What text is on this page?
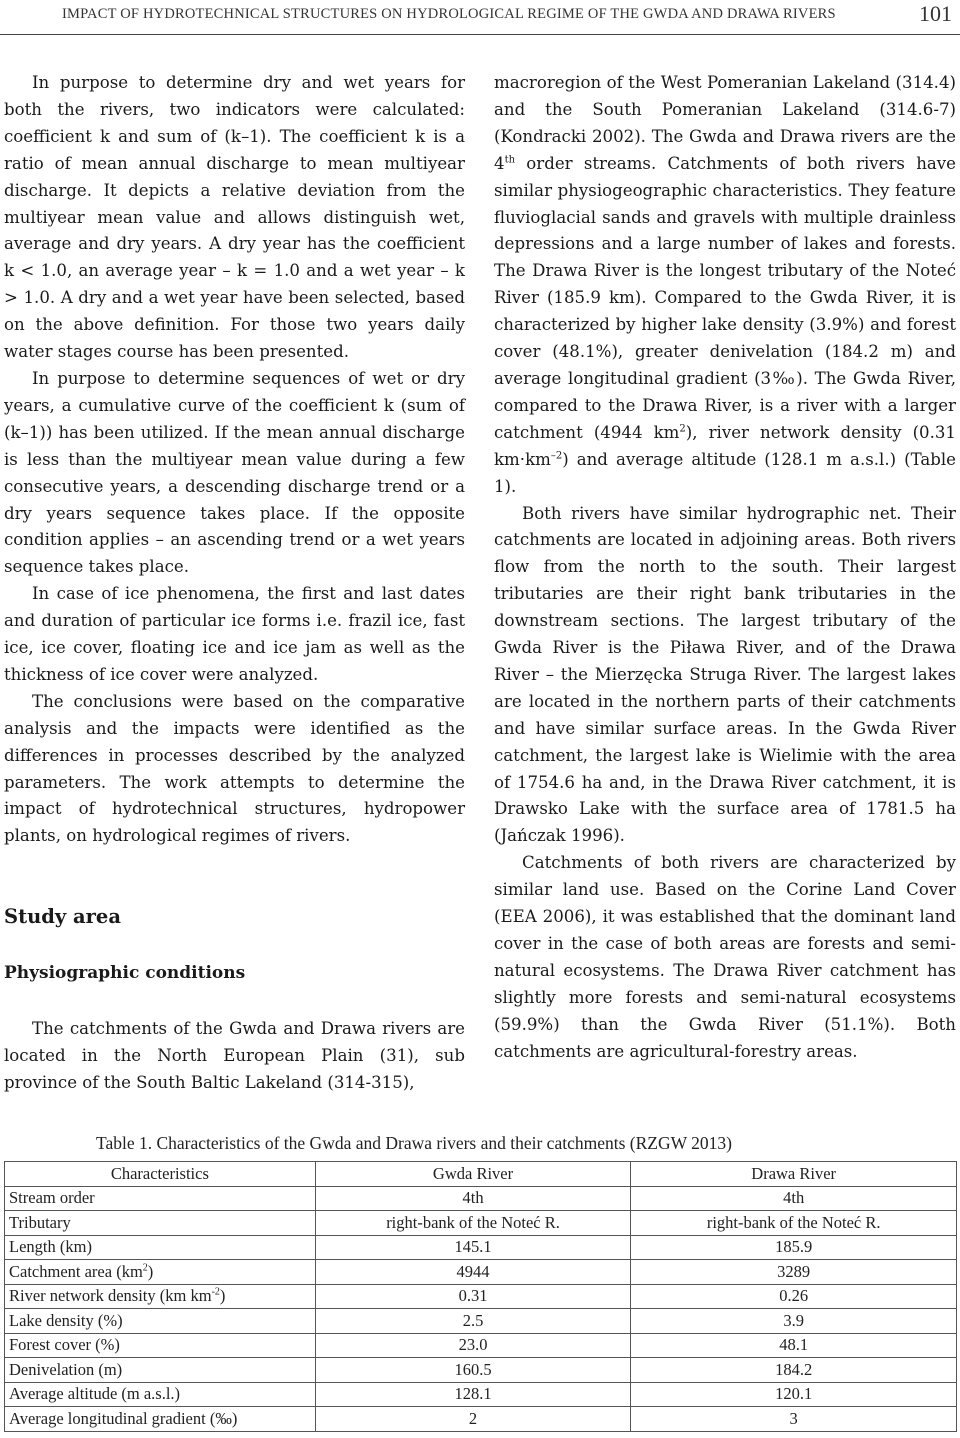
IMPACT OF HYDROTECHNICAL STRUCTURES ON HYDROLOGICAL REGIME OF THE GWDA AND DRAWA RIVERS	101

In purpose to determine dry and wet years for both the rivers, two indicators were calculated: coefficient k and sum of (k–1). The coefficient k is a ratio of mean annual discharge to mean multiyear discharge. It depicts a relative deviation from the multiyear mean value and allows distinguish wet, average and dry years. A dry year has the coefficient k < 1.0, an average year – k = 1.0 and a wet year – k > 1.0. A dry and a wet year have been selected, based on the above definition. For those two years daily water stages course has been presented.

In purpose to determine sequences of wet or dry years, a cumulative curve of the coefficient k (sum of (k–1)) has been utilized. If the mean annual discharge is less than the multiyear mean value during a few consecutive years, a descending discharge trend or a dry years sequence takes place. If the opposite condition applies – an ascending trend or a wet years sequence takes place.

In case of ice phenomena, the first and last dates and duration of particular ice forms i.e. frazil ice, fast ice, ice cover, floating ice and ice jam as well as the thickness of ice cover were analyzed.

The conclusions were based on the comparative analysis and the impacts were identified as the differences in processes described by the analyzed parameters. The work attempts to determine the impact of hydrotechnical structures, hydropower plants, on hydrological regimes of rivers.

Study area
Physiographic conditions

The catchments of the Gwda and Drawa rivers are located in the North European Plain (31), sub province of the South Baltic Lakeland (314-315),

macroregion of the West Pomeranian Lakeland (314.4) and the South Pomeranian Lakeland (314.6-7) (Kondracki 2002). The Gwda and Drawa rivers are the 4th order streams. Catchments of both rivers have similar physiogeographic characteristics. They feature fluvioglacial sands and gravels with multiple drainless depressions and a large number of lakes and forests. The Drawa River is the longest tributary of the Noteć River (185.9 km). Compared to the Gwda River, it is characterized by higher lake density (3.9%) and forest cover (48.1%), greater denivelation (184.2 m) and average longitudinal gradient (3‰). The Gwda River, compared to the Drawa River, is a river with a larger catchment (4944 $km^2$), river network density (0.31 $km\cdot km^{-2}$) and average altitude (128.1 m a.s.l.) (Table 1).

Both rivers have similar hydrographic net. Their catchments are located in adjoining areas. Both rivers flow from the north to the south. Their largest tributaries are their right bank tributaries in the downstream sections. The largest tributary of the Gwda River is the Piława River, and of the Drawa River – the Mierzęcka Struga River. The largest lakes are located in the northern parts of their catchments and have similar surface areas. In the Gwda River catchment, the largest lake is Wielimie with the area of 1754.6 ha and, in the Drawa River catchment, it is Drawsko Lake with the surface area of 1781.5 ha (Jańczak 1996).

Catchments of both rivers are characterized by similar land use. Based on the Corine Land Cover (EEA 2006), it was established that the dominant land cover in the case of both areas are forests and semi-natural ecosystems. The Drawa River catchment has slightly more forests and semi-natural ecosystems (59.9%) than the Gwda River (51.1%). Both catchments are agricultural-forestry areas.

Table 1. Characteristics of the Gwda and Drawa rivers and their catchments (RZGW 2013)
Characteristics	Gwda River	Drawa River
Stream order	4th	4th
Tributary	right-bank of the Noteć R.	right-bank of the Noteć R.
Length (km)	145.1	185.9
Catchment area $(km^2)$	4944	3289
River network density (km $km^{-2}$)	0.31	0.26
Lake density (%)	2.5	3.9
Forest cover (%)	23.0	48.1
Denivelation (m)	160.5	184.2
Average altitude (m a.s.l.)	128.1	120.1
Average longitudinal gradient (‰)	2	3
